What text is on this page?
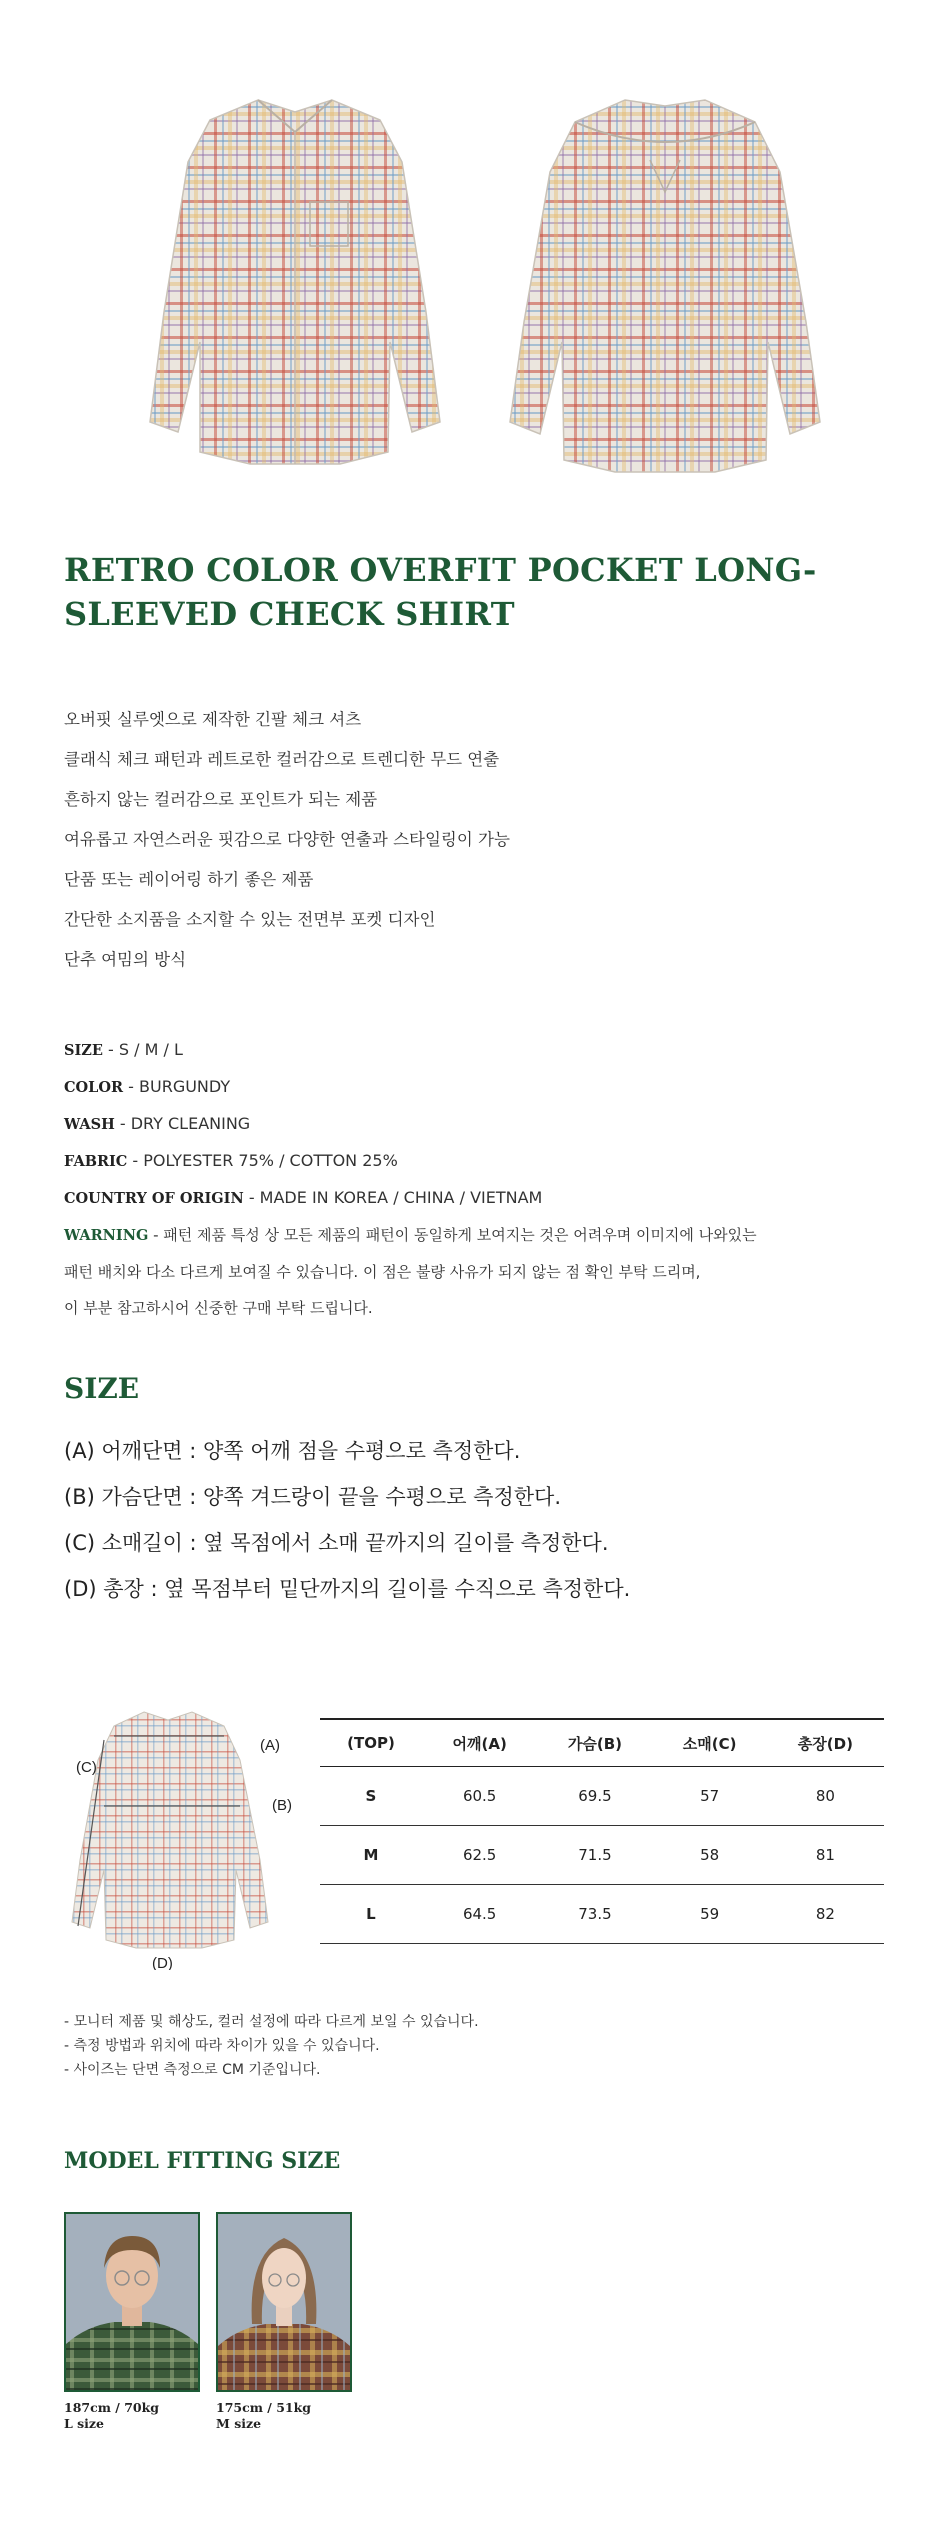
RETRO COLOR OVERFIT POCKET LONG-SLEEVED CHECK SHIRT

오버핏 실루엣으로 제작한 긴팔 체크 셔츠

클래식 체크 패턴과 레트로한 컬러감으로 트렌디한 무드 연출

흔하지 않는 컬러감으로 포인트가 되는 제품

여유롭고 자연스러운 핏감으로 다양한 연출과 스타일링이 가능

단품 또는 레이어링 하기 좋은 제품

간단한 소지품을 소지할 수 있는 전면부 포켓 디자인

단추 여밈의 방식

SIZE - S / M / L
COLOR - BURGUNDY
WASH - DRY CLEANING
FABRIC - POLYESTER 75% / COTTON 25%
COUNTRY OF ORIGIN - MADE IN KOREA / CHINA / VIETNAM
WARNING - 패턴 제품 특성 상 모든 제품의 패턴이 동일하게 보여지는 것은 어려우며 이미지에 나와있는
패턴 배치와 다소 다르게 보여질 수 있습니다. 이 점은 불량 사유가 되지 않는 점 확인 부탁 드리며,
이 부분 참고하시어 신중한 구매 부탁 드립니다.
SIZE

(A) 어깨단면 : 양쪽 어깨 점을 수평으로 측정한다.

(B) 가슴단면 : 양쪽 겨드랑이 끝을 수평으로 측정한다.

(C) 소매길이 : 옆 목점에서 소매 끝까지의 길이를 측정한다.

(D) 총장 : 옆 목점부터 밑단까지의 길이를 수직으로 측정한다.

(A)
(B)
(C)
(D)
(TOP)	어깨(A)	가슴(B)	소매(C)	총장(D)
S	60.5	69.5	57	80
M	62.5	71.5	58	81
L	64.5	73.5	59	82

- 모니터 제품 및 해상도, 컬러 설정에 따라 다르게 보일 수 있습니다.

- 측정 방법과 위치에 따라 차이가 있을 수 있습니다.

- 사이즈는 단면 측정으로 CM 기준입니다.

MODEL FITTING SIZE
187cm / 70kg
L size
175cm / 51kg
M size
